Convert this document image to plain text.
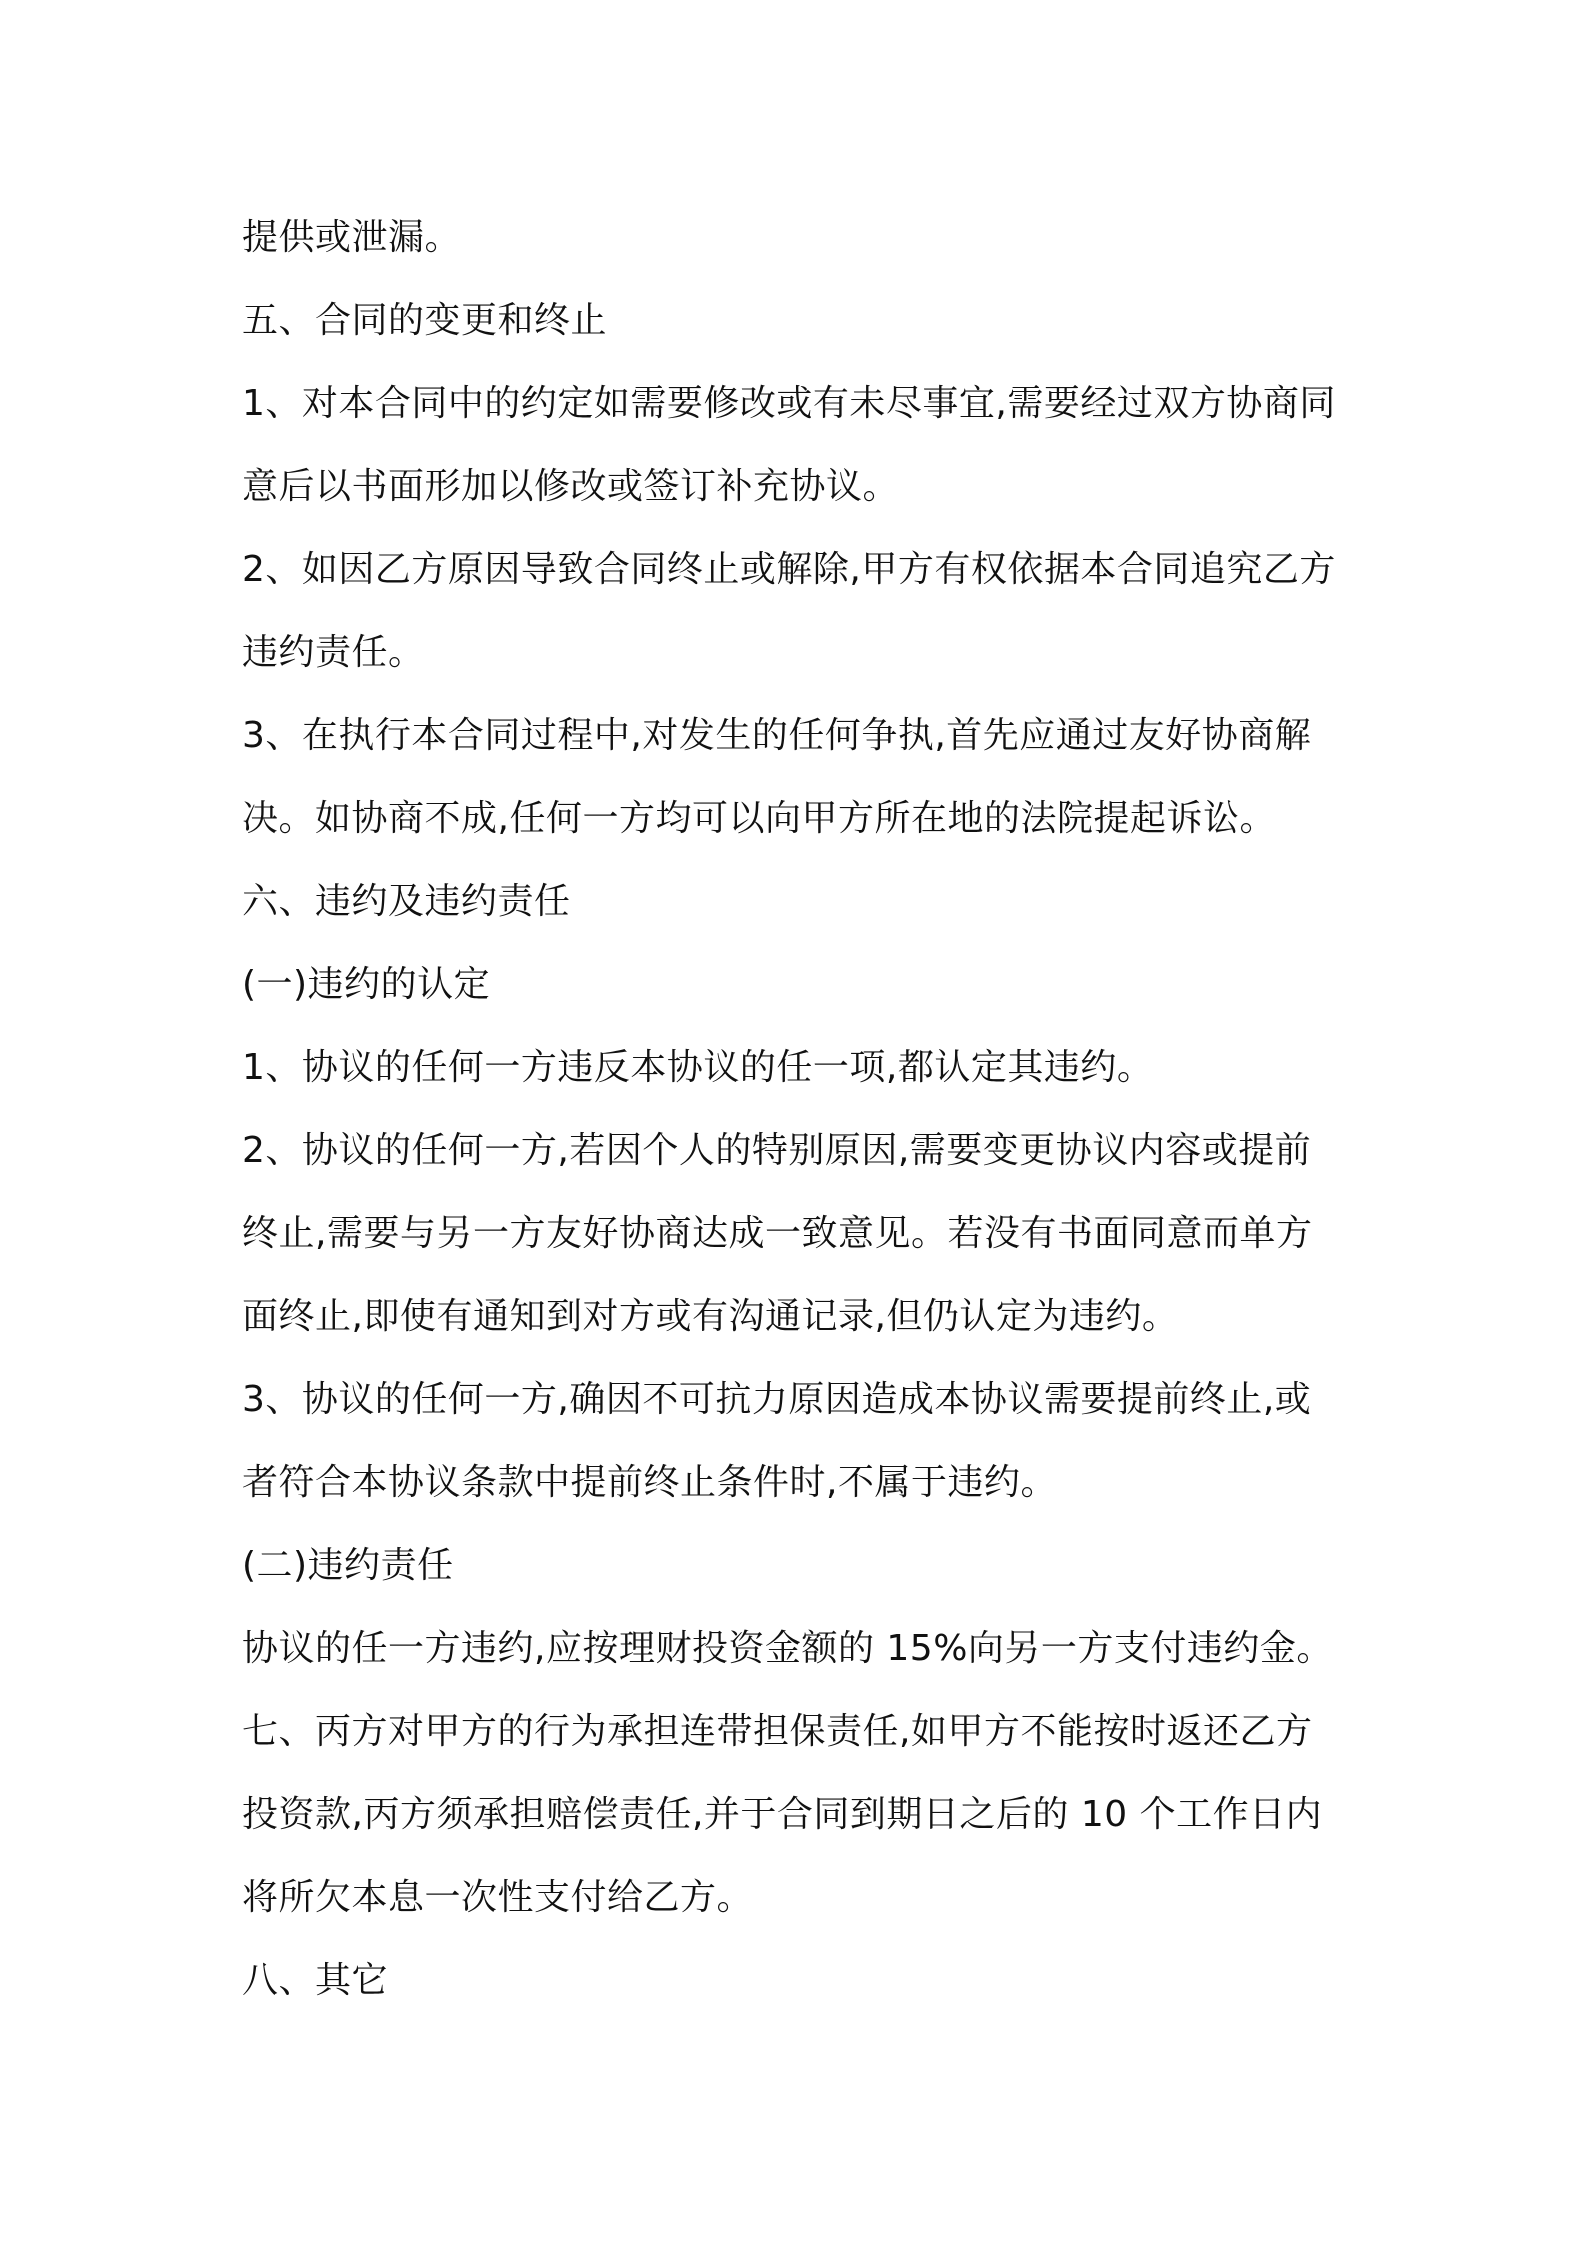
提供或泄漏。
五、合同的变更和终止
1、对本合同中的约定如需要修改或有未尽事宜,需要经过双方协商同
意后以书面形加以修改或签订补充协议。
2、如因乙方原因导致合同终止或解除,甲方有权依据本合同追究乙方
违约责任。
3、在执行本合同过程中,对发生的任何争执,首先应通过友好协商解
决。如协商不成,任何一方均可以向甲方所在地的法院提起诉讼。
六、违约及违约责任
(一)违约的认定
1、协议的任何一方违反本协议的任一项,都认定其违约。
2、协议的任何一方,若因个人的特别原因,需要变更协议内容或提前
终止,需要与另一方友好协商达成一致意见。若没有书面同意而单方
面终止,即使有通知到对方或有沟通记录,但仍认定为违约。
3、协议的任何一方,确因不可抗力原因造成本协议需要提前终止,或
者符合本协议条款中提前终止条件时,不属于违约。
(二)违约责任
协议的任一方违约,应按理财投资金额的 15%向另一方支付违约金。
七、丙方对甲方的行为承担连带担保责任,如甲方不能按时返还乙方
投资款,丙方须承担赔偿责任,并于合同到期日之后的 10 个工作日内
将所欠本息一次性支付给乙方。
八、其它
